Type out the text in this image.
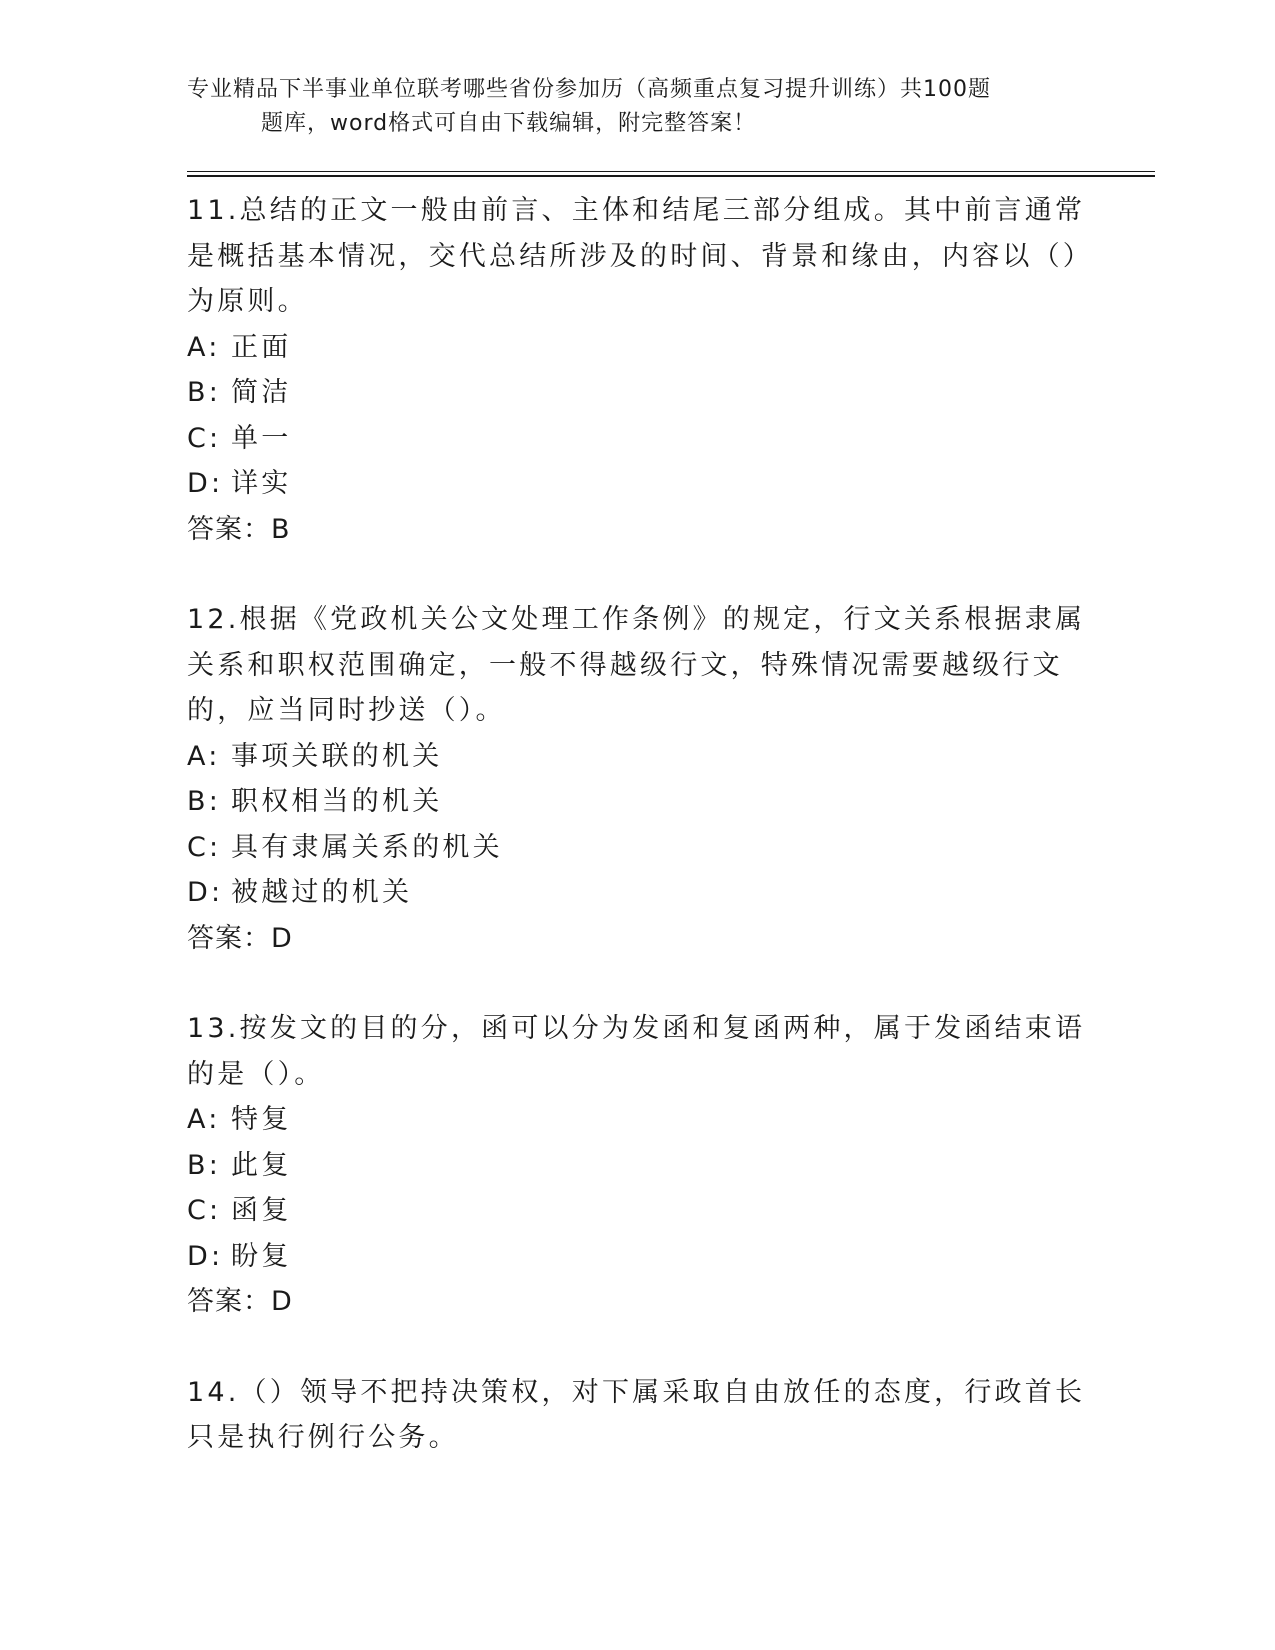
专业精品下半事业单位联考哪些省份参加历（高频重点复习提升训练）共100题
题库，word格式可自由下载编辑，附完整答案！

11.总结的正文一般由前言、主体和结尾三部分组成。其中前言通常是概括基本情况，交代总结所涉及的时间、背景和缘由，内容以（）为原则。

A: 正面

B: 简洁

C: 单一

D: 详实

答案：B

12.根据《党政机关公文处理工作条例》的规定，行文关系根据隶属关系和职权范围确定，一般不得越级行文，特殊情况需要越级行文的，应当同时抄送（）。

A: 事项关联的机关

B: 职权相当的机关

C: 具有隶属关系的机关

D: 被越过的机关

答案：D

13.按发文的目的分，函可以分为发函和复函两种，属于发函结束语的是（）。

A: 特复

B: 此复

C: 函复

D: 盼复

答案：D

14.（）领导不把持决策权，对下属采取自由放任的态度，行政首长只是执行例行公务。
